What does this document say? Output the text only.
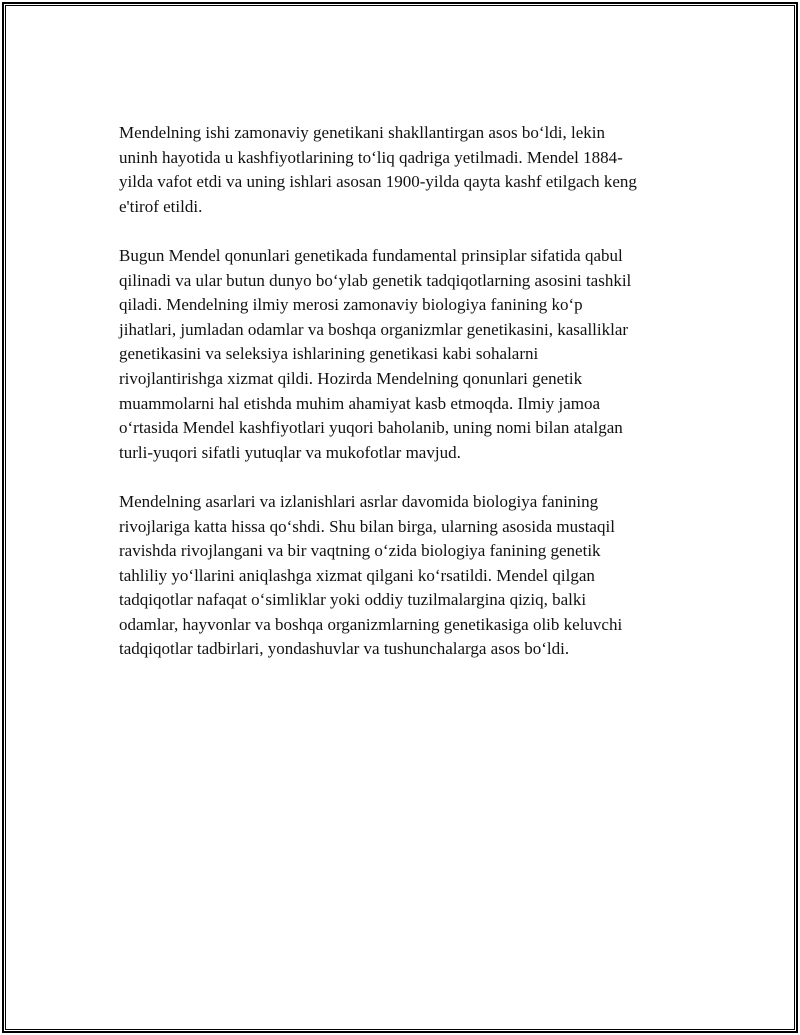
Mendelning ishi zamonaviy genetikani shakllantirgan asos bo‘ldi, lekin
uninh hayotida u kashfiyotlarining to‘liq qadriga yetilmadi. Mendel 1884-
yilda vafot etdi va uning ishlari asosan 1900-yilda qayta kashf etilgach keng
e'tirof etildi.

Bugun Mendel qonunlari genetikada fundamental prinsiplar sifatida qabul
qilinadi va ular butun dunyo bo‘ylab genetik tadqiqotlarning asosini tashkil
qiladi. Mendelning ilmiy merosi zamonaviy biologiya fanining ko‘p
jihatlari, jumladan odamlar va boshqa organizmlar genetikasini, kasalliklar
genetikasini va seleksiya ishlarining genetikasi kabi sohalarni
rivojlantirishga xizmat qildi. Hozirda Mendelning qonunlari genetik
muammolarni hal etishda muhim ahamiyat kasb etmoqda. Ilmiy jamoa
o‘rtasida Mendel kashfiyotlari yuqori baholanib, uning nomi bilan atalgan
turli-yuqori sifatli yutuqlar va mukofotlar mavjud.

Mendelning asarlari va izlanishlari asrlar davomida biologiya fanining
rivojlariga katta hissa qo‘shdi. Shu bilan birga, ularning asosida mustaqil
ravishda rivojlangani va bir vaqtning o‘zida biologiya fanining genetik
tahliliy yo‘llarini aniqlashga xizmat qilgani ko‘rsatildi. Mendel qilgan
tadqiqotlar nafaqat o‘simliklar yoki oddiy tuzilmalargina qiziq, balki
odamlar, hayvonlar va boshqa organizmlarning genetikasiga olib keluvchi
tadqiqotlar tadbirlari, yondashuvlar va tushunchalarga asos bo‘ldi.
